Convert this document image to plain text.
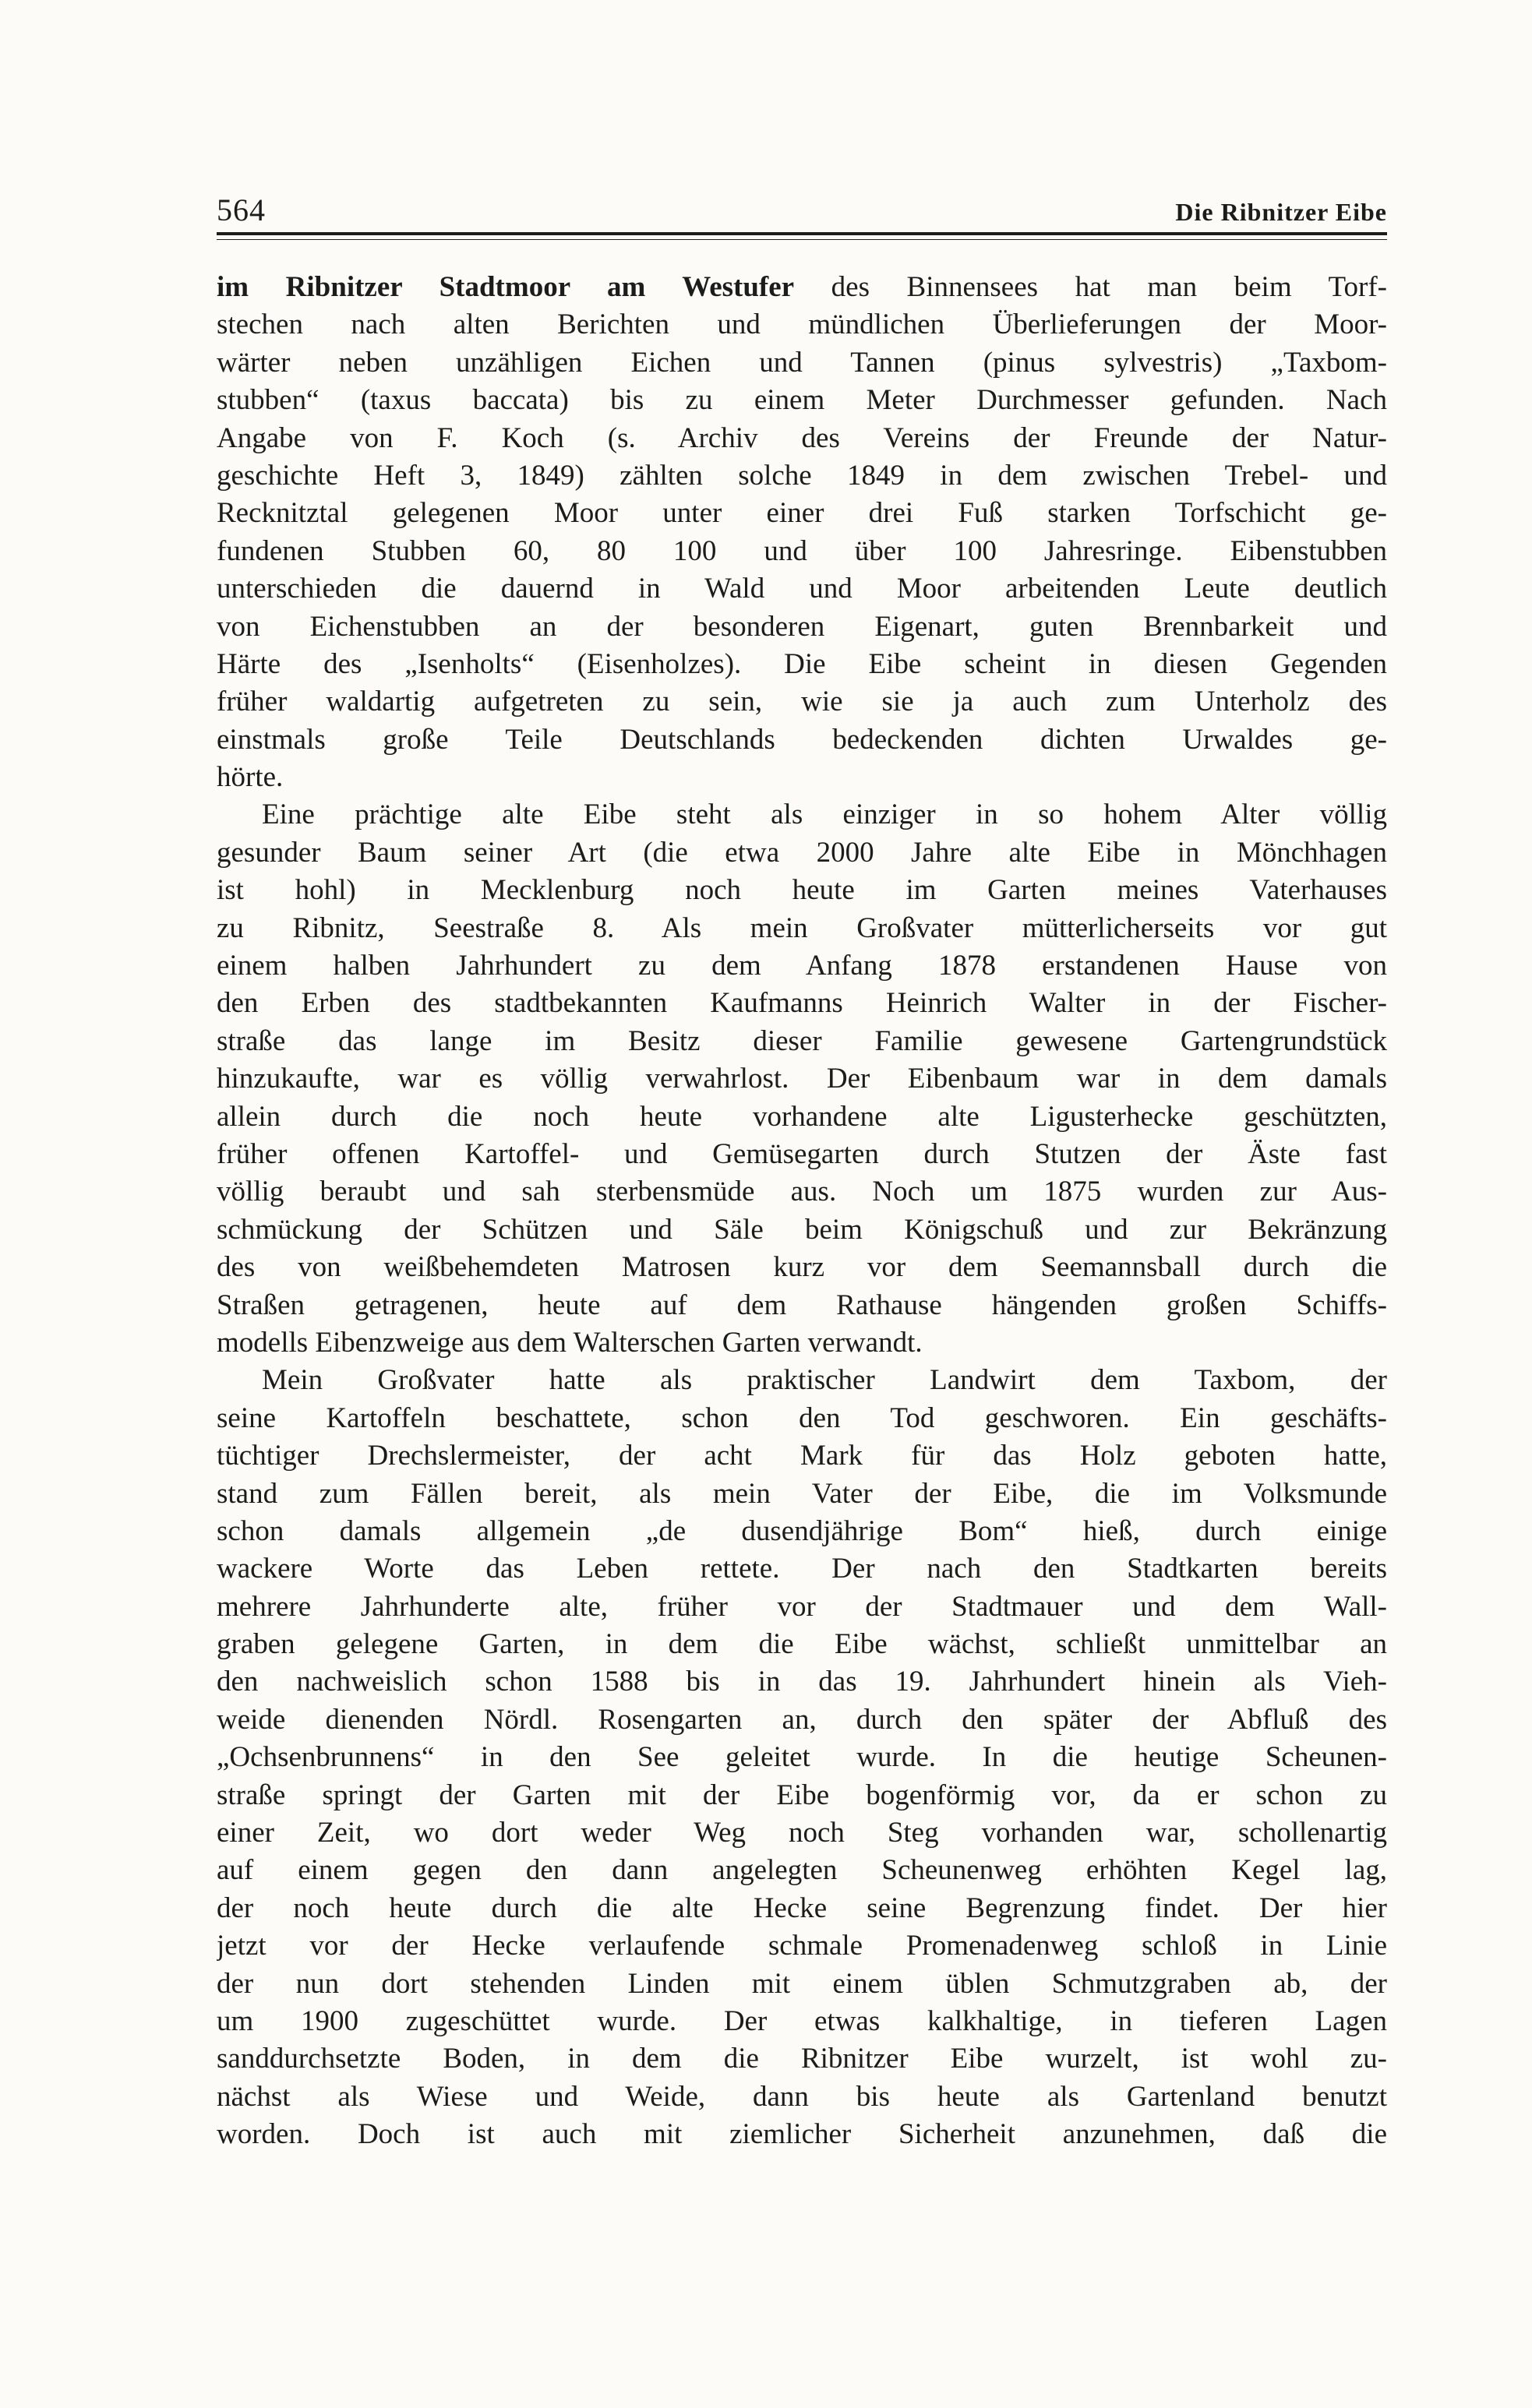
564	Die Ribnitzer Eibe
im Ribnitzer Stadtmoor am Westufer des Binnensees hat man beim Torf-
stechen nach alten Berichten und mündlichen Überlieferungen der Moor-
wärter neben unzähligen Eichen und Tannen (pinus sylvestris) „Taxbom-
stubben“ (taxus baccata) bis zu einem Meter Durchmesser gefunden. Nach
Angabe von F. Koch (s. Archiv des Vereins der Freunde der Natur-
geschichte Heft 3, 1849) zählten solche 1849 in dem zwischen Trebel- und
Recknitztal gelegenen Moor unter einer drei Fuß starken Torfschicht ge-
fundenen Stubben 60, 80 100 und über 100 Jahresringe. Eibenstubben
unterschieden die dauernd in Wald und Moor arbeitenden Leute deutlich
von Eichenstubben an der besonderen Eigenart, guten Brennbarkeit und
Härte des „Isenholts“ (Eisenholzes). Die Eibe scheint in diesen Gegenden
früher waldartig aufgetreten zu sein, wie sie ja auch zum Unterholz des
einstmals große Teile Deutschlands bedeckenden dichten Urwaldes ge-
hörte.
Eine prächtige alte Eibe steht als einziger in so hohem Alter völlig
gesunder Baum seiner Art (die etwa 2000 Jahre alte Eibe in Mönchhagen
ist hohl) in Mecklenburg noch heute im Garten meines Vaterhauses
zu Ribnitz, Seestraße 8. Als mein Großvater mütterlicherseits vor gut
einem halben Jahrhundert zu dem Anfang 1878 erstandenen Hause von
den Erben des stadtbekannten Kaufmanns Heinrich Walter in der Fischer-
straße das lange im Besitz dieser Familie gewesene Gartengrundstück
hinzukaufte, war es völlig verwahrlost. Der Eibenbaum war in dem damals
allein durch die noch heute vorhandene alte Ligusterhecke geschützten,
früher offenen Kartoffel- und Gemüsegarten durch Stutzen der Äste fast
völlig beraubt und sah sterbensmüde aus. Noch um 1875 wurden zur Aus-
schmückung der Schützen und Säle beim Königschuß und zur Bekränzung
des von weißbehemdeten Matrosen kurz vor dem Seemannsball durch die
Straßen getragenen, heute auf dem Rathause hängenden großen Schiffs-
modells Eibenzweige aus dem Walterschen Garten verwandt.
Mein Großvater hatte als praktischer Landwirt dem Taxbom, der
seine Kartoffeln beschattete, schon den Tod geschworen. Ein geschäfts-
tüchtiger Drechslermeister, der acht Mark für das Holz geboten hatte,
stand zum Fällen bereit, als mein Vater der Eibe, die im Volksmunde
schon damals allgemein „de dusendjährige Bom“ hieß, durch einige
wackere Worte das Leben rettete. Der nach den Stadtkarten bereits
mehrere Jahrhunderte alte, früher vor der Stadtmauer und dem Wall-
graben gelegene Garten, in dem die Eibe wächst, schließt unmittelbar an
den nachweislich schon 1588 bis in das 19. Jahrhundert hinein als Vieh-
weide dienenden Nördl. Rosengarten an, durch den später der Abfluß des
„Ochsenbrunnens“ in den See geleitet wurde. In die heutige Scheunen-
straße springt der Garten mit der Eibe bogenförmig vor, da er schon zu
einer Zeit, wo dort weder Weg noch Steg vorhanden war, schollenartig
auf einem gegen den dann angelegten Scheunenweg erhöhten Kegel lag,
der noch heute durch die alte Hecke seine Begrenzung findet. Der hier
jetzt vor der Hecke verlaufende schmale Promenadenweg schloß in Linie
der nun dort stehenden Linden mit einem üblen Schmutzgraben ab, der
um 1900 zugeschüttet wurde. Der etwas kalkhaltige, in tieferen Lagen
sanddurchsetzte Boden, in dem die Ribnitzer Eibe wurzelt, ist wohl zu-
nächst als Wiese und Weide, dann bis heute als Gartenland benutzt
worden. Doch ist auch mit ziemlicher Sicherheit anzunehmen, daß die
